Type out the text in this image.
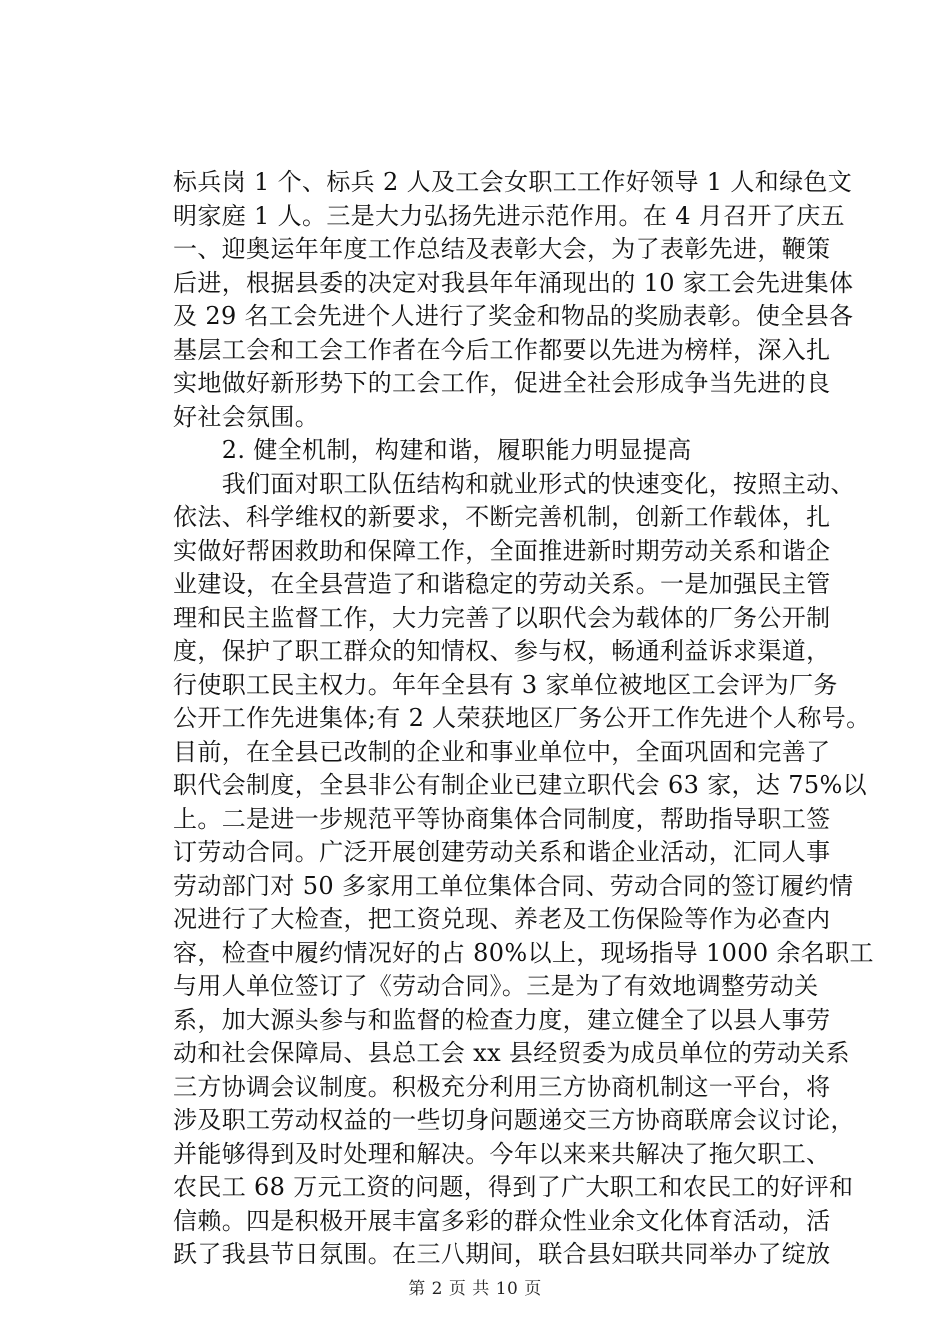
标兵岗 1 个、标兵 2 人及工会女职工工作好领导 1 人和绿色文
明家庭 1 人。三是大力弘扬先进示范作用。在 4 月召开了庆五
一、迎奥运年年度工作总结及表彰大会，为了表彰先进，鞭策
后进，根据县委的决定对我县年年涌现出的 10 家工会先进集体
及 29 名工会先进个人进行了奖金和物品的奖励表彰。使全县各
基层工会和工会工作者在今后工作都要以先进为榜样，深入扎
实地做好新形势下的工会工作，促进全社会形成争当先进的良
好社会氛围。
　　2. 健全机制，构建和谐，履职能力明显提高
　　我们面对职工队伍结构和就业形式的快速变化，按照主动、
依法、科学维权的新要求，不断完善机制，创新工作载体，扎
实做好帮困救助和保障工作，全面推进新时期劳动关系和谐企
业建设，在全县营造了和谐稳定的劳动关系。一是加强民主管
理和民主监督工作，大力完善了以职代会为载体的厂务公开制
度，保护了职工群众的知情权、参与权，畅通利益诉求渠道，
行使职工民主权力。年年全县有 3 家单位被地区工会评为厂务
公开工作先进集体;有 2 人荣获地区厂务公开工作先进个人称号。
目前，在全县已改制的企业和事业单位中，全面巩固和完善了
职代会制度，全县非公有制企业已建立职代会 63 家，达 75%以
上。二是进一步规范平等协商集体合同制度，帮助指导职工签
订劳动合同。广泛开展创建劳动关系和谐企业活动，汇同人事
劳动部门对 50 多家用工单位集体合同、劳动合同的签订履约情
况进行了大检查，把工资兑现、养老及工伤保险等作为必查内
容，检查中履约情况好的占 80%以上，现场指导 1000 余名职工
与用人单位签订了《劳动合同》。三是为了有效地调整劳动关
系，加大源头参与和监督的检查力度，建立健全了以县人事劳
动和社会保障局、县总工会 xx 县经贸委为成员单位的劳动关系
三方协调会议制度。积极充分利用三方协商机制这一平台，将
涉及职工劳动权益的一些切身问题递交三方协商联席会议讨论，
并能够得到及时处理和解决。今年以来来共解决了拖欠职工、
农民工 68 万元工资的问题，得到了广大职工和农民工的好评和
信赖。四是积极开展丰富多彩的群众性业余文化体育活动，活
跃了我县节日氛围。在三八期间，联合县妇联共同举办了绽放
第 2 页 共 10 页
